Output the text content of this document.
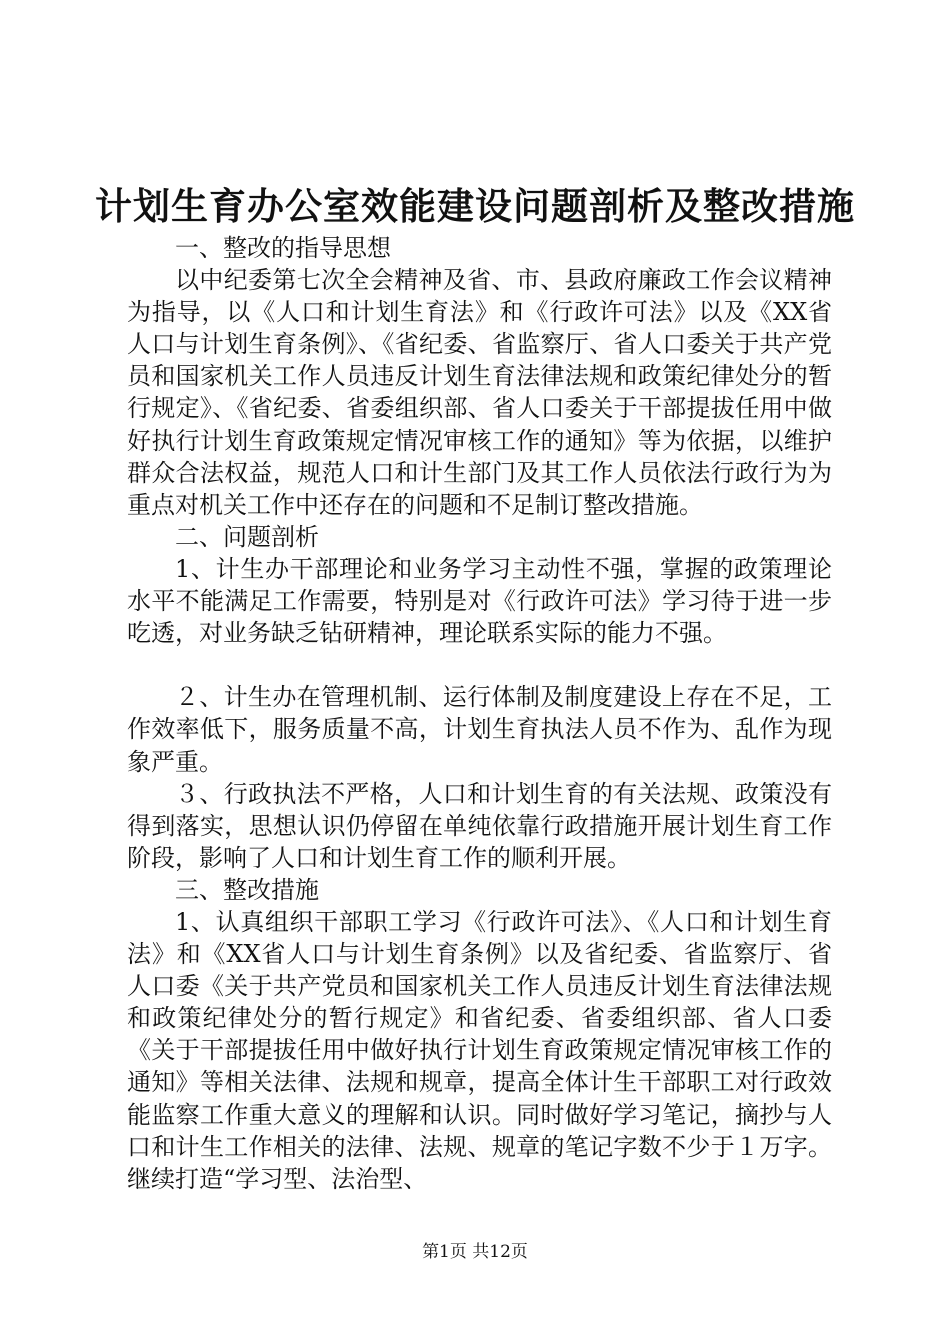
计划生育办公室效能建设问题剖析及整改措施

一、整改的指导思想

以中纪委第七次全会精神及省、市、县政府廉政工作会议精神为指导，以《人口和计划生育法》和《行政许可法》以及《XX省人口与计划生育条例》、《省纪委、省监察厅、省人口委关于共产党员和国家机关工作人员违反计划生育法律法规和政策纪律处分的暂行规定》、《省纪委、省委组织部、省人口委关于干部提拔任用中做好执行计划生育政策规定情况审核工作的通知》等为依据，以维护群众合法权益，规范人口和计生部门及其工作人员依法行政行为为重点对机关工作中还存在的问题和不足制订整改措施。

二、问题剖析

1、计生办干部理论和业务学习主动性不强，掌握的政策理论水平不能满足工作需要，特别是对《行政许可法》学习待于进一步吃透，对业务缺乏钻研精神，理论联系实际的能力不强。

２、计生办在管理机制、运行体制及制度建设上存在不足，工作效率低下，服务质量不高，计划生育执法人员不作为、乱作为现象严重。

３、行政执法不严格，人口和计划生育的有关法规、政策没有得到落实，思想认识仍停留在单纯依靠行政措施开展计划生育工作阶段，影响了人口和计划生育工作的顺利开展。

三、整改措施

1、认真组织干部职工学习《行政许可法》、《人口和计划生育法》和《XX省人口与计划生育条例》以及省纪委、省监察厅、省人口委《关于共产党员和国家机关工作人员违反计划生育法律法规和政策纪律处分的暂行规定》和省纪委、省委组织部、省人口委《关于干部提拔任用中做好执行计划生育政策规定情况审核工作的通知》等相关法律、法规和规章，提高全体计生干部职工对行政效能监察工作重大意义的理解和认识。同时做好学习笔记，摘抄与人口和计生工作相关的法律、法规、规章的笔记字数不少于１万字。继续打造“学习型、法治型、

第1页 共12页
